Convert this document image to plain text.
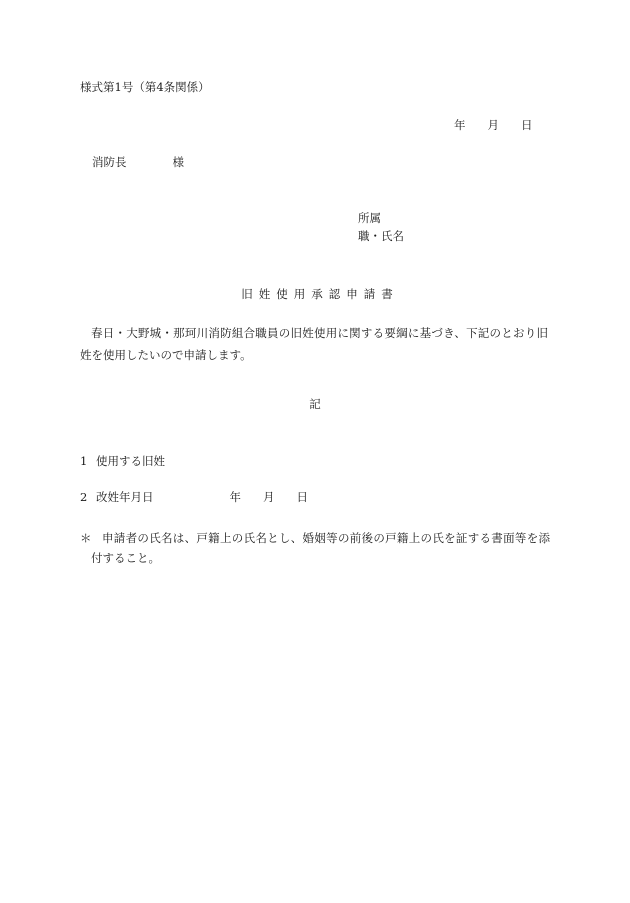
様式第1号（第4条関係）
年 月 日
消防長	様
所属
職・氏名
旧姓使用承認申請書
春日・大野城・那珂川消防組合職員の旧姓使用に関する要綱に基づき、下記のとおり旧姓を使用したいので申請します。
記
1 使用する旧姓
2 改姓年月日	年 月 日
＊ 申請者の氏名は、戸籍上の氏名とし、婚姻等の前後の戸籍上の氏を証する書面等を添付すること。
